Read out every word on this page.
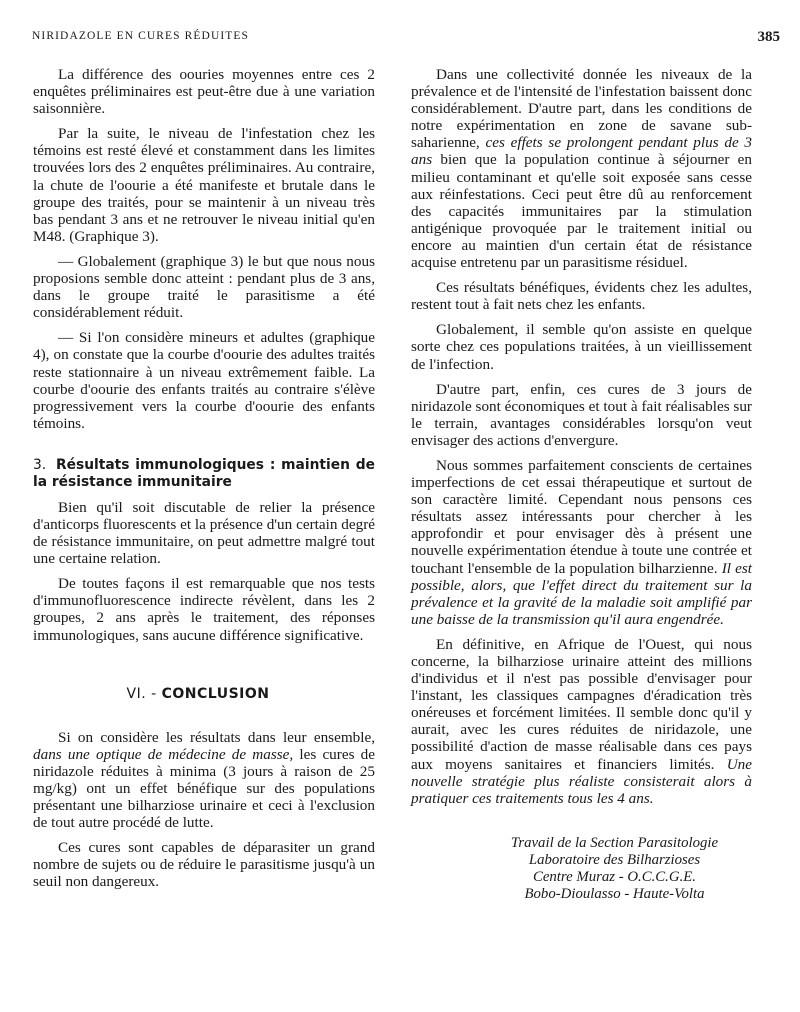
NIRIDAZOLE EN CURES RÉDUITES	385

La différence des oouries moyennes entre ces 2 enquêtes préliminaires est peut-être due à une variation saisonnière.

Par la suite, le niveau de l'infestation chez les témoins est resté élevé et constamment dans les limites trouvées lors des 2 enquêtes préliminaires. Au contraire, la chute de l'oourie a été manifeste et brutale dans le groupe des traités, pour se maintenir à un niveau très bas pendant 3 ans et ne retrouver le niveau initial qu'en M48. (Graphique 3).

— Globalement (graphique 3) le but que nous nous proposions semble donc atteint : pendant plus de 3 ans, dans le groupe traité le parasitisme a été considérablement réduit.

— Si l'on considère mineurs et adultes (graphique 4), on constate que la courbe d'oourie des adultes traités reste stationnaire à un niveau extrêmement faible. La courbe d'oourie des enfants traités au contraire s'élève progressivement vers la courbe d'oourie des enfants témoins.

3. Résultats immunologiques : maintien de la résistance immunitaire

Bien qu'il soit discutable de relier la présence d'anticorps fluorescents et la présence d'un certain degré de résistance immunitaire, on peut admettre malgré tout une certaine relation.

De toutes façons il est remarquable que nos tests d'immunofluorescence indirecte révèlent, dans les 2 groupes, 2 ans après le traitement, des réponses immunologiques, sans aucune différence significative.

VI. - CONCLUSION

Si on considère les résultats dans leur ensemble, dans une optique de médecine de masse, les cures de niridazole réduites à minima (3 jours à raison de 25 mg/kg) ont un effet bénéfique sur des populations présentant une bilharziose urinaire et ceci à l'exclusion de tout autre procédé de lutte.

Ces cures sont capables de déparasiter un grand nombre de sujets ou de réduire le parasitisme jusqu'à un seuil non dangereux.

Dans une collectivité donnée les niveaux de la prévalence et de l'intensité de l'infestation baissent donc considérablement. D'autre part, dans les conditions de notre expérimentation en zone de savane sub-saharienne, ces effets se prolongent pendant plus de 3 ans bien que la population continue à séjourner en milieu contaminant et qu'elle soit exposée sans cesse aux réinfestations. Ceci peut être dû au renforcement des capacités immunitaires par la stimulation antigénique provoquée par le traitement initial ou encore au maintien d'un certain état de résistance acquise entretenu par un parasitisme résiduel.

Ces résultats bénéfiques, évidents chez les adultes, restent tout à fait nets chez les enfants.

Globalement, il semble qu'on assiste en quelque sorte chez ces populations traitées, à un vieillissement de l'infection.

D'autre part, enfin, ces cures de 3 jours de niridazole sont économiques et tout à fait réalisables sur le terrain, avantages considérables lorsqu'on veut envisager des actions d'envergure.

Nous sommes parfaitement conscients de certaines imperfections de cet essai thérapeutique et surtout de son caractère limité. Cependant nous pensons ces résultats assez intéressants pour chercher à les approfondir et pour envisager dès à présent une nouvelle expérimentation étendue à toute une contrée et touchant l'ensemble de la population bilharzienne. Il est possible, alors, que l'effet direct du traitement sur la prévalence et la gravité de la maladie soit amplifié par une baisse de la transmission qu'il aura engendrée.

En définitive, en Afrique de l'Ouest, qui nous concerne, la bilharziose urinaire atteint des millions d'individus et il n'est pas possible d'envisager pour l'instant, les classiques campagnes d'éradication très onéreuses et forcément limitées. Il semble donc qu'il y aurait, avec les cures réduites de niridazole, une possibilité d'action de masse réalisable dans ces pays aux moyens sanitaires et financiers limités. Une nouvelle stratégie plus réaliste consisterait alors à pratiquer ces traitements tous les 4 ans.

Travail de la Section Parasitologie
Laboratoire des Bilharzioses
Centre Muraz - O.C.C.G.E.
Bobo-Dioulasso - Haute-Volta
